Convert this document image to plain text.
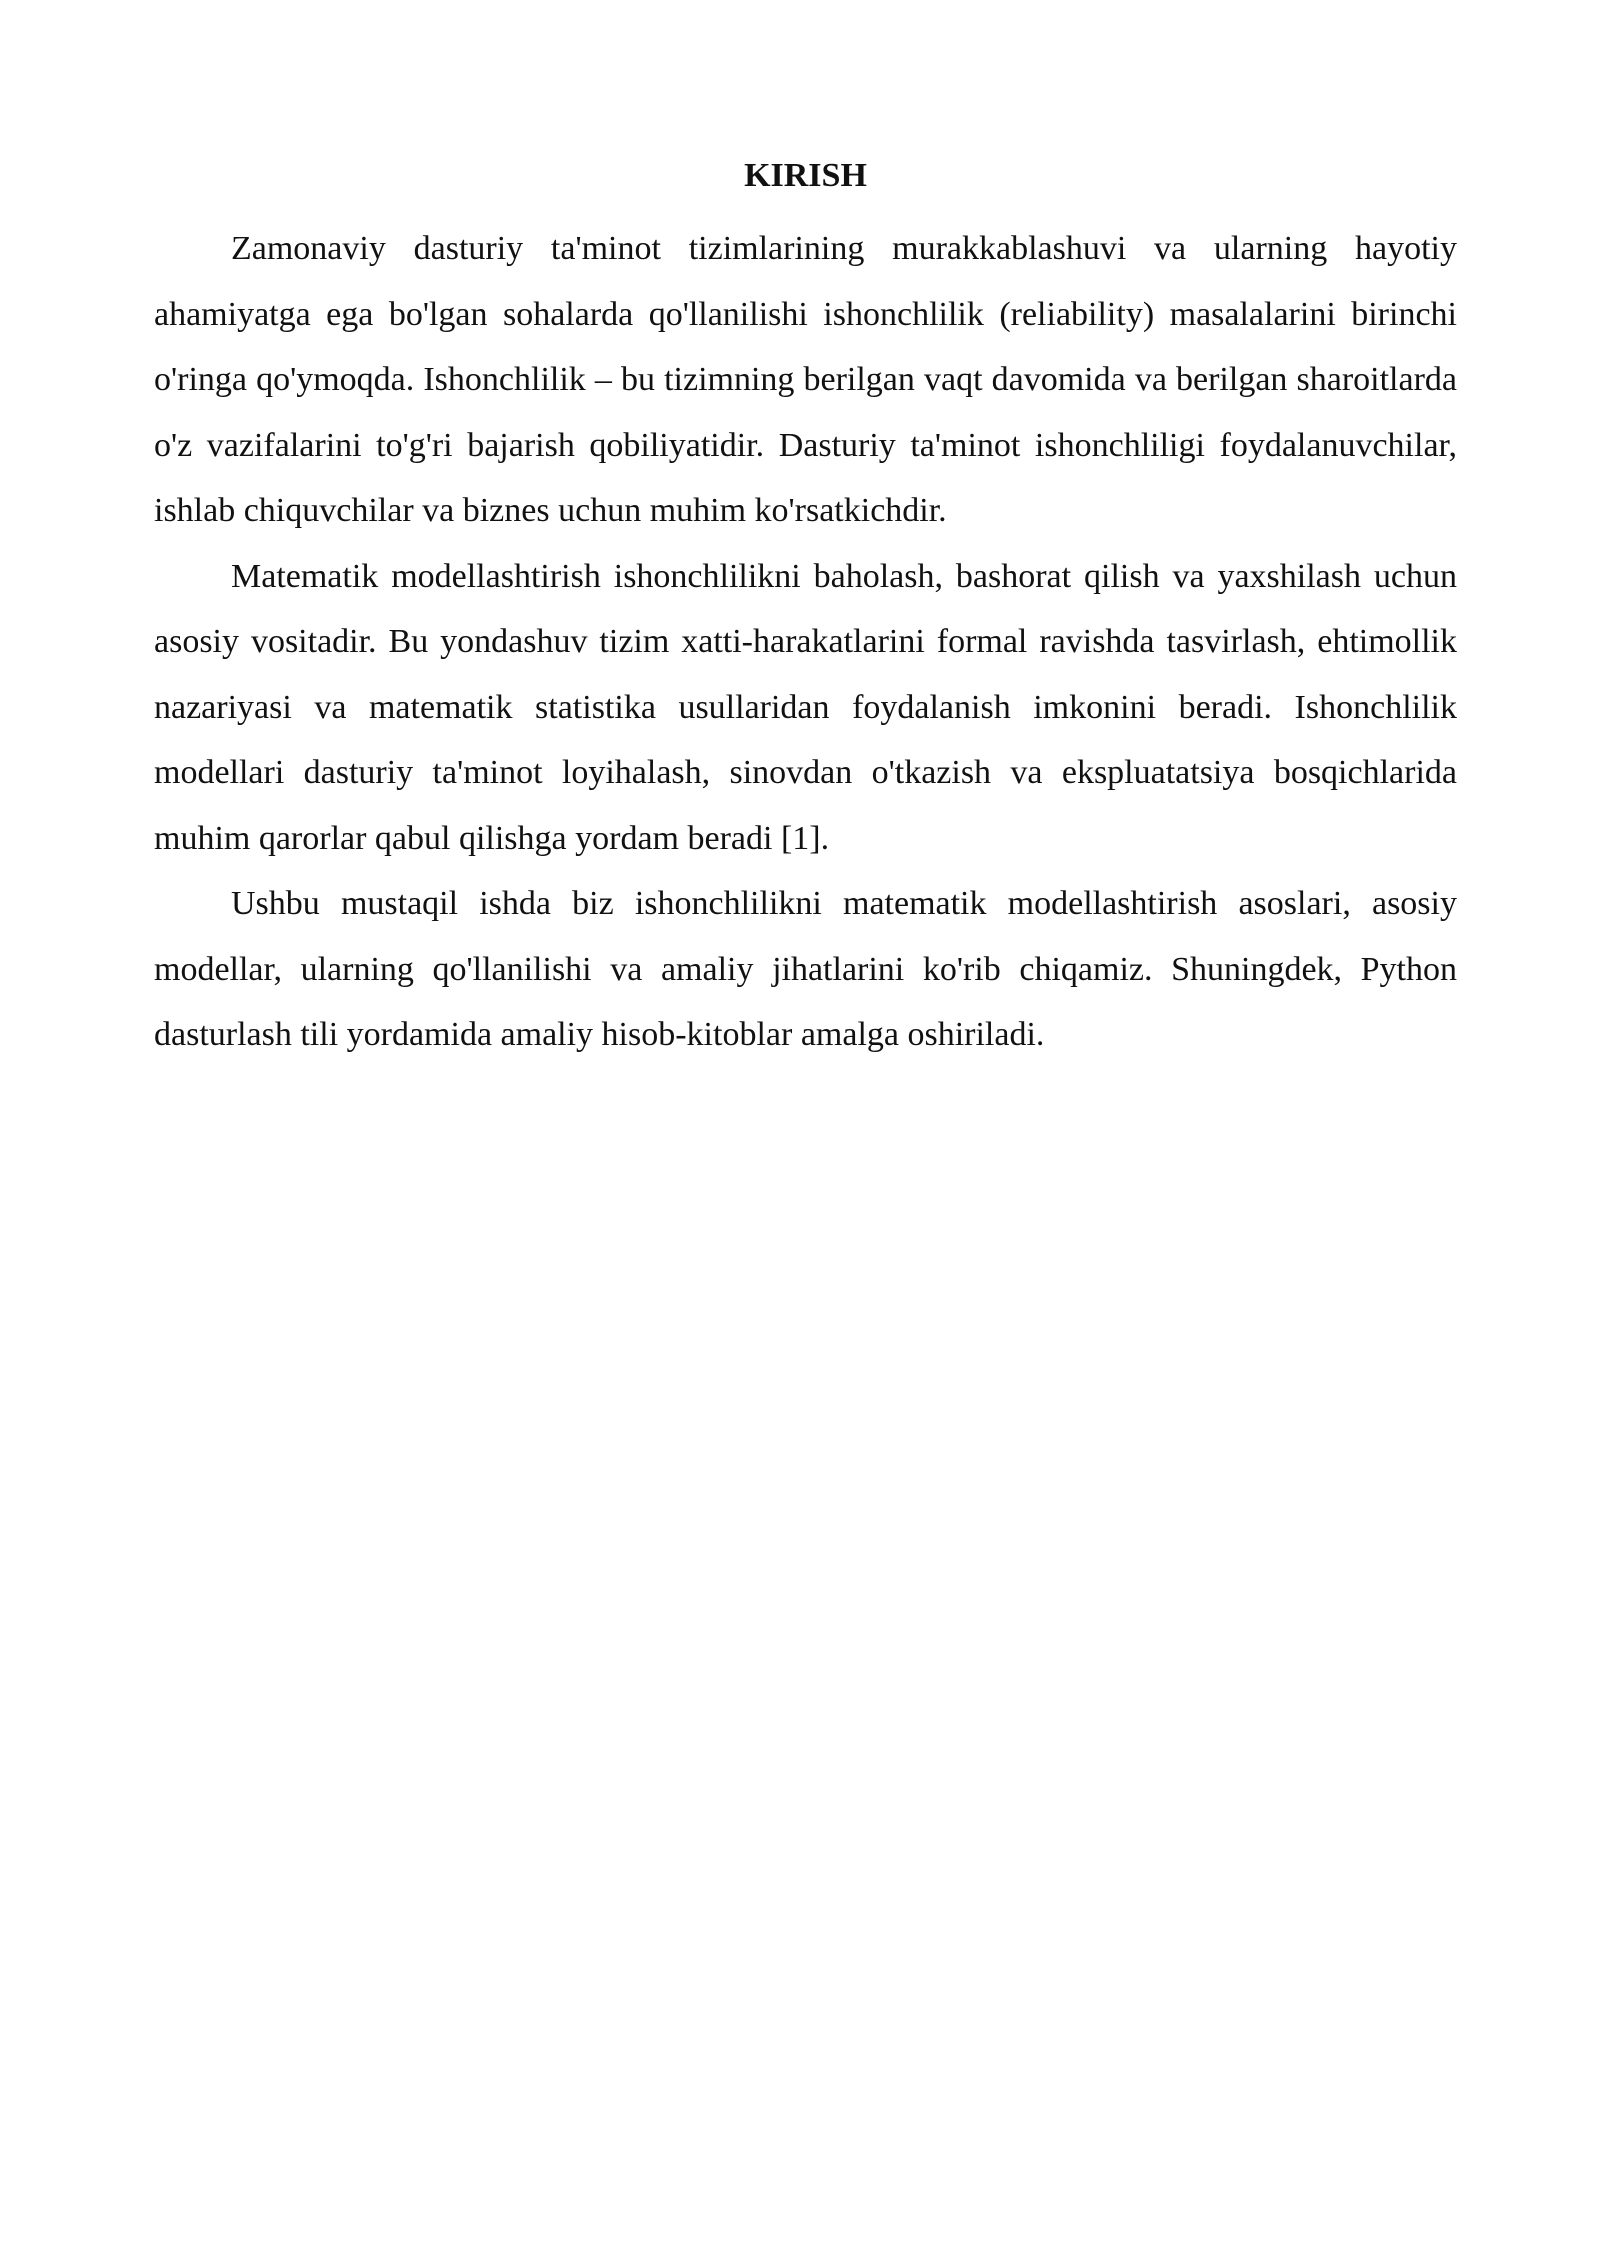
KIRISH

Zamonaviy dasturiy ta'minot tizimlarining murakkablashuvi va ularning hayotiy ahamiyatga ega bo'lgan sohalarda qo'llanilishi ishonchlilik (reliability) masalalarini birinchi o'ringa qo'ymoqda. Ishonchlilik – bu tizimning berilgan vaqt davomida va berilgan sharoitlarda o'z vazifalarini to'g'ri bajarish qobiliyatidir. Dasturiy ta'minot ishonchliligi foydalanuvchilar, ishlab chiquvchilar va biznes uchun muhim ko'rsatkichdir.

Matematik modellashtirish ishonchlilikni baholash, bashorat qilish va yaxshilash uchun asosiy vositadir. Bu yondashuv tizim xatti-harakatlarini formal ravishda tasvirlash, ehtimollik nazariyasi va matematik statistika usullaridan foydalanish imkonini beradi. Ishonchlilik modellari dasturiy ta'minot loyihalash, sinovdan o'tkazish va ekspluatatsiya bosqichlarida muhim qarorlar qabul qilishga yordam beradi [1].

Ushbu mustaqil ishda biz ishonchlilikni matematik modellashtirish asoslari, asosiy modellar, ularning qo'llanilishi va amaliy jihatlarini ko'rib chiqamiz. Shuningdek, Python dasturlash tili yordamida amaliy hisob-kitoblar amalga oshiriladi.
